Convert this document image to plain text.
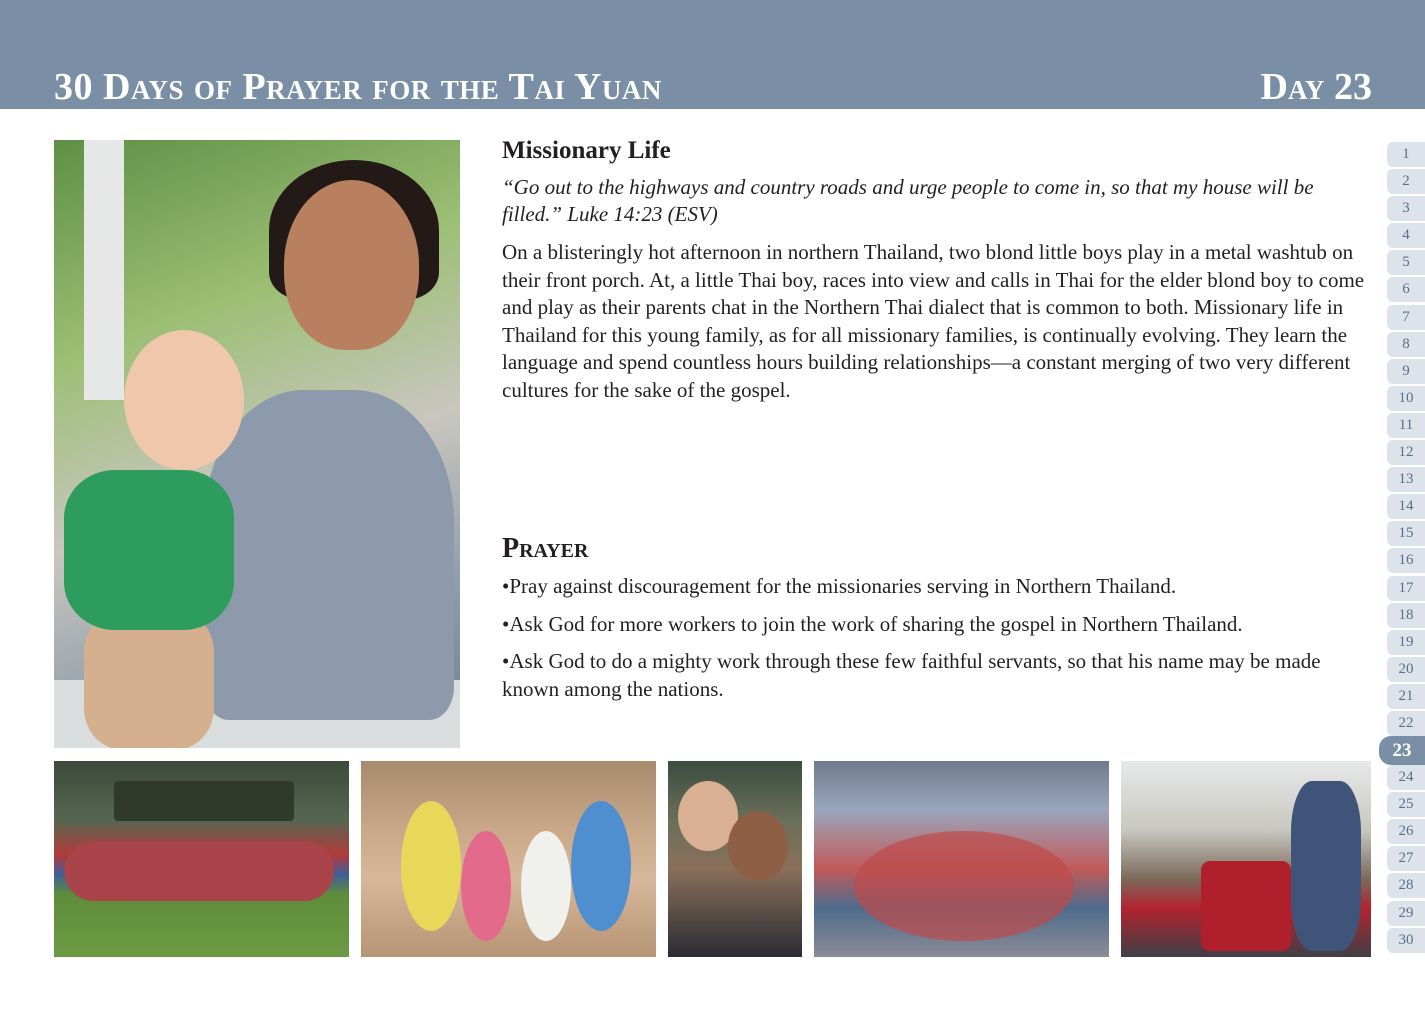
30 Days of Prayer for the Tai Yuan	Day 23
Missionary Life
“Go out to the highways and country roads and urge people to come in, so that my house will be filled.” Luke 14:23 (ESV)
On a blisteringly hot afternoon in northern Thailand, two blond little boys play in a metal washtub on their front porch. At, a little Thai boy, races into view and calls in Thai for the elder blond boy to come and play as their parents chat in the Northern Thai dialect that is common to both. Missionary life in Thailand for this young family, as for all missionary families, is continually evolving. They learn the language and spend countless hours building relationships—a constant merging of two very different cultures for the sake of the gospel.
Prayer
•Pray against discouragement for the missionaries serving in Northern Thailand.
•Ask God for more workers to join the work of sharing the gospel in Northern Thailand.
•Ask God to do a mighty work through these few faithful servants, so that his name may be made known among the nations.
1
2
3
4
5
6
7
8
9
10
11
12
13
14
15
16
17
18
19
20
21
22
23
24
25
26
27
28
29
30
